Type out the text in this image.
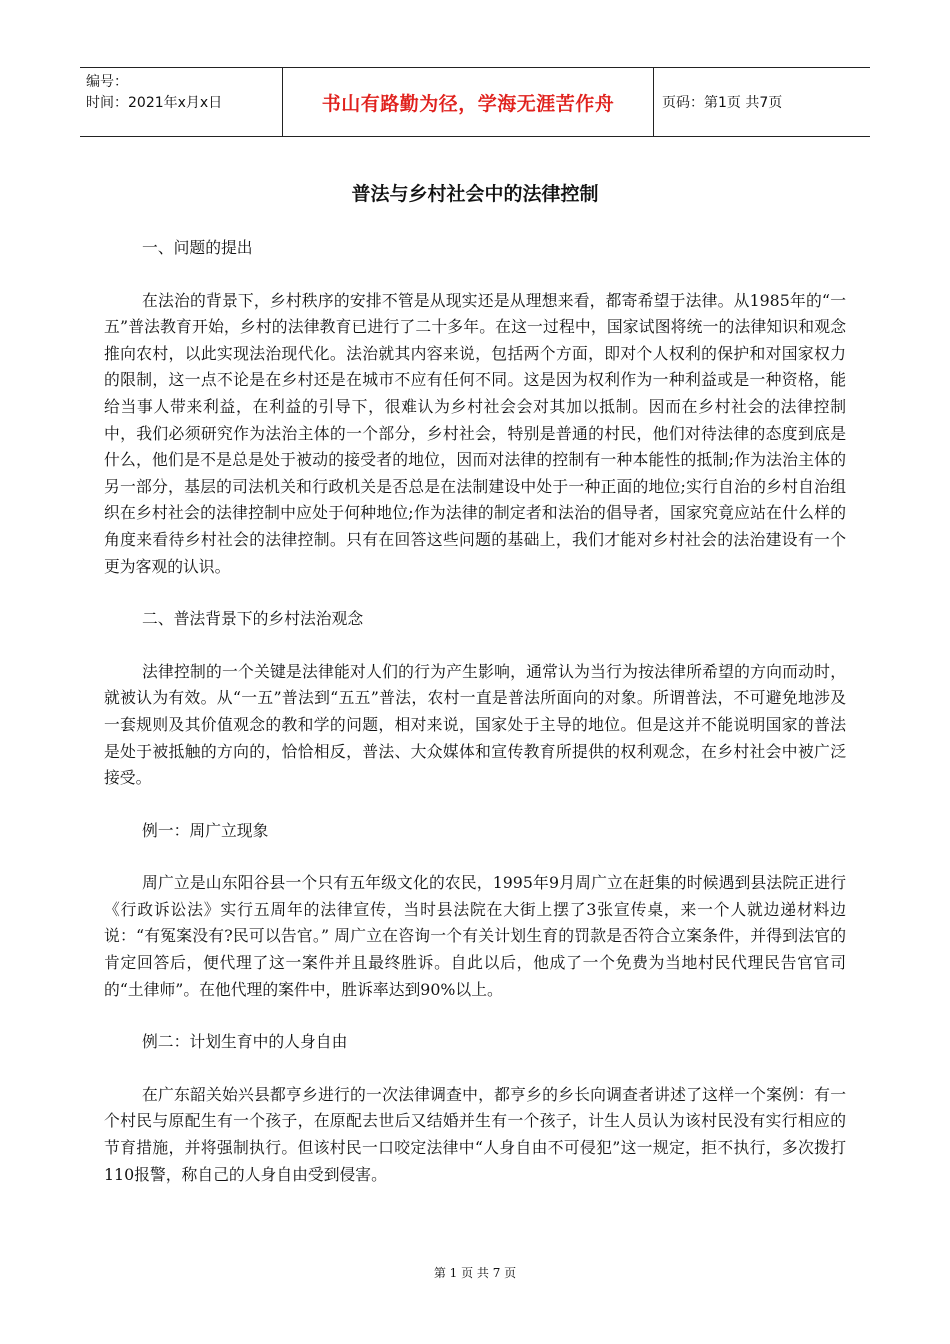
编号：
时间：2021年x月x日	书山有路勤为径，学海无涯苦作舟	页码：第1页 共7页
普法与乡村社会中的法律控制

一、问题的提出

在法治的背景下，乡村秩序的安排不管是从现实还是从理想来看，都寄希望于法律。从1985年的“一五”普法教育开始，乡村的法律教育已进行了二十多年。在这一过程中，国家试图将统一的法律知识和观念推向农村，以此实现法治现代化。法治就其内容来说，包括两个方面，即对个人权利的保护和对国家权力的限制，这一点不论是在乡村还是在城市不应有任何不同。这是因为权利作为一种利益或是一种资格，能给当事人带来利益，在利益的引导下，很难认为乡村社会会对其加以抵制。因而在乡村社会的法律控制中，我们必须研究作为法治主体的一个部分，乡村社会，特别是普通的村民，他们对待法律的态度到底是什么，他们是不是总是处于被动的接受者的地位，因而对法律的控制有一种本能性的抵制;作为法治主体的另一部分，基层的司法机关和行政机关是否总是在法制建设中处于一种正面的地位;实行自治的乡村自治组织在乡村社会的法律控制中应处于何种地位;作为法律的制定者和法治的倡导者，国家究竟应站在什么样的角度来看待乡村社会的法律控制。只有在回答这些问题的基础上，我们才能对乡村社会的法治建设有一个更为客观的认识。

二、普法背景下的乡村法治观念

法律控制的一个关键是法律能对人们的行为产生影响，通常认为当行为按法律所希望的方向而动时，就被认为有效。从“一五”普法到“五五”普法，农村一直是普法所面向的对象。所谓普法，不可避免地涉及一套规则及其价值观念的教和学的问题，相对来说，国家处于主导的地位。但是这并不能说明国家的普法是处于被抵触的方向的，恰恰相反，普法、大众媒体和宣传教育所提供的权利观念，在乡村社会中被广泛接受。

例一：周广立现象

周广立是山东阳谷县一个只有五年级文化的农民，1995年9月周广立在赶集的时候遇到县法院正进行《行政诉讼法》实行五周年的法律宣传，当时县法院在大街上摆了3张宣传桌，来一个人就边递材料边说：“有冤案没有?民可以告官。” 周广立在咨询一个有关计划生育的罚款是否符合立案条件，并得到法官的肯定回答后，便代理了这一案件并且最终胜诉。自此以后，他成了一个免费为当地村民代理民告官官司的“土律师”。在他代理的案件中，胜诉率达到90%以上。

例二：计划生育中的人身自由

在广东韶关始兴县都亨乡进行的一次法律调查中，都亨乡的乡长向调查者讲述了这样一个案例：有一个村民与原配生有一个孩子，在原配去世后又结婚并生有一个孩子，计生人员认为该村民没有实行相应的节育措施，并将强制执行。但该村民一口咬定法律中“人身自由不可侵犯”这一规定，拒不执行，多次拨打110报警，称自己的人身自由受到侵害。

第 1 页 共 7 页
